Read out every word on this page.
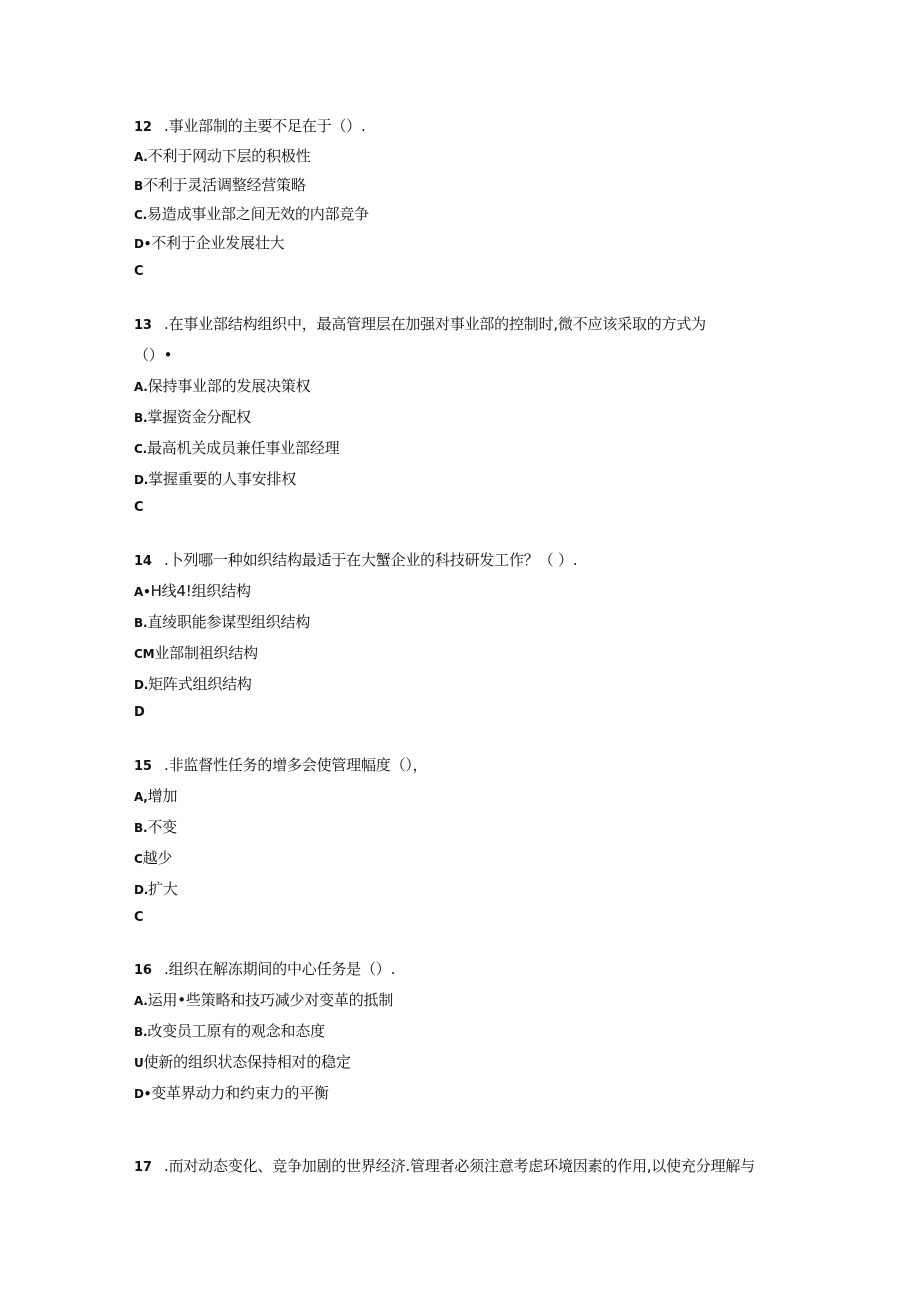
12 .事业部制的主要不足在于（）.
A.不利于网动下层的积极性
B不利于灵活调整经营策略
C.易造成事业部之间无效的内部竞争
D•不利于企业发展壮大
C
13 .在事业部结构组织中，最高管理层在加强对事业部的控制时,微不应该采取的方式为
（）•
A.保持事业部的发展决策权
B.掌握资金分配权
C.最高机关成员兼任事业部经理
D.掌握重要的人事安排权
C
14 .卜列哪一种如织结构最适于在大蟹企业的科技研发工作？（ ）.
A•H线4!组织结构
B.直绫职能参谋型组织结构
CM业部制祖织结构
D.矩阵式组织结构
D
15 .非监督性任务的增多会使管理幅度（），
A,增加
B.不变
C越少
D.扩大
C
16 .组织在解冻期间的中心任务是（）.
A.运用•些策略和技巧减少对变革的抵制
B.改变员工原有的观念和态度
U使新的组织状态保持相对的稳定
D•变革界动力和约束力的平衡
17 .而对动态变化、竞争加剧的世界经济.管理者必须注意考虑环境因素的作用,以使充分理解与
